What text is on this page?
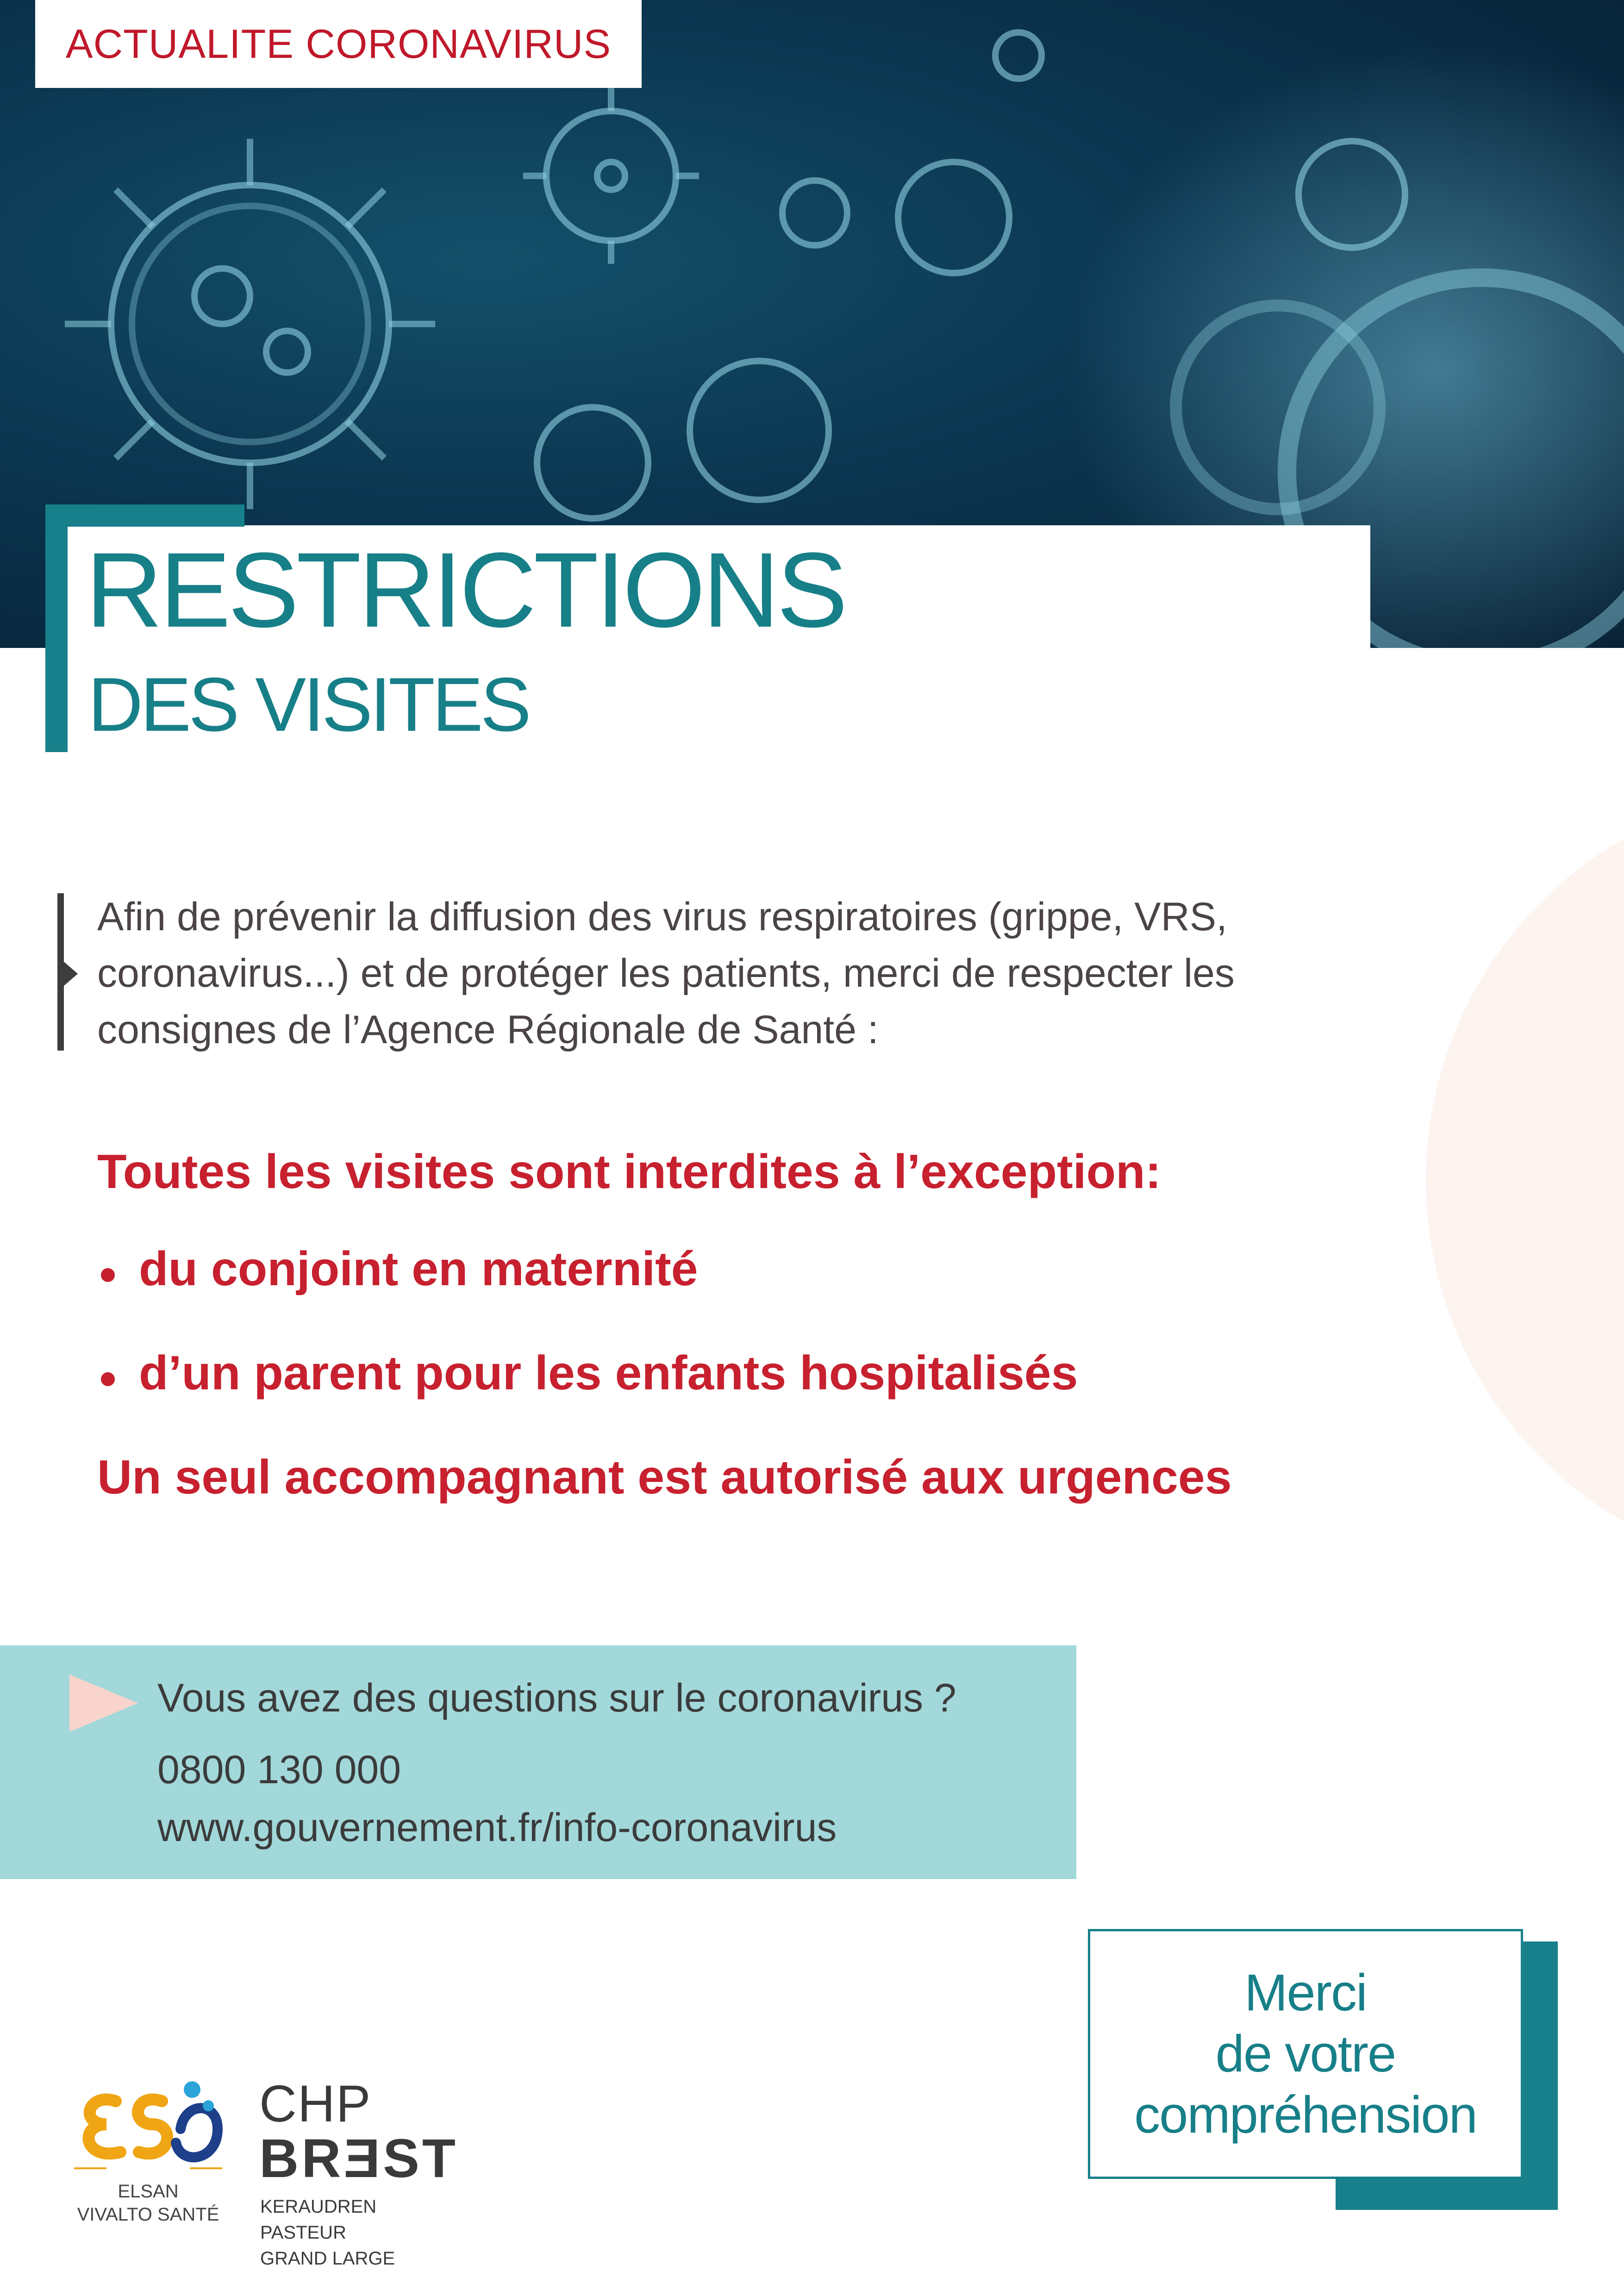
ACTUALITE CORONAVIRUS
RESTRICTIONS
DES VISITES
Afin de prévenir la diffusion des virus respiratoires (grippe, VRS,
coronavirus...) et de protéger les patients, merci de respecter les
consignes de l’Agence Régionale de Santé :
Toutes les visites sont interdites à l’exception:
du conjoint en maternité
d’un parent pour les enfants hospitalisés
Un seul accompagnant est autorisé aux urgences
Vous avez des questions sur le coronavirus ?
0800 130 000
www.gouvernement.fr/info-coronavirus
Merci
de votre
compréhension
ELSAN
VIVALTO SANTÉ
CHP
BRƎST
KERAUDREN
PASTEUR
GRAND LARGE
